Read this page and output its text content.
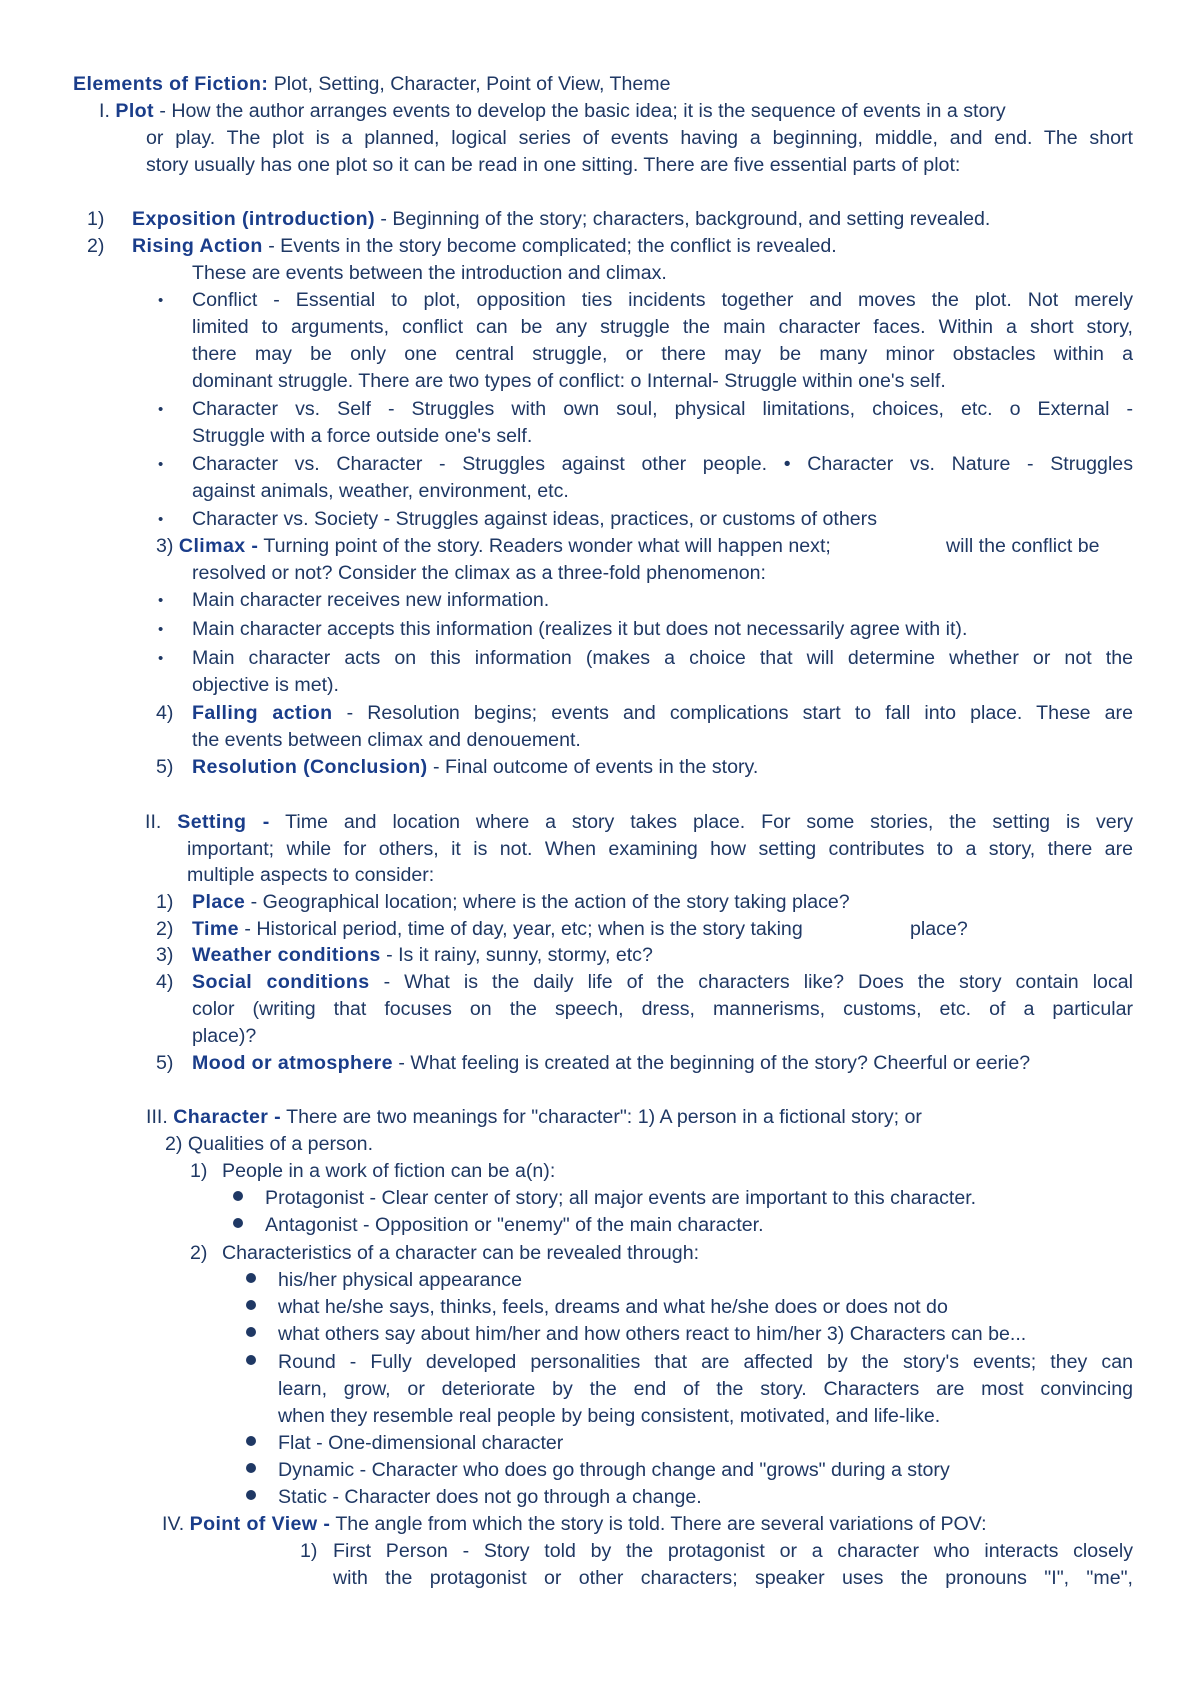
Elements of Fiction: Plot, Setting, Character, Point of View, Theme
I. Plot - How the author arranges events to develop the basic idea; it is the sequence of events in a story
or play. The plot is a planned, logical series of events having a beginning, middle, and end. The short
story usually has one plot so it can be read in one sitting. There are five essential parts of plot:
1) Exposition (introduction) - Beginning of the story; characters, background, and setting revealed.
2) Rising Action - Events in the story become complicated; the conflict is revealed.
These are events between the introduction and climax.
• Conflict - Essential to plot, opposition ties incidents together and moves the plot. Not merely
limited to arguments, conflict can be any struggle the main character faces. Within a short story,
there may be only one central struggle, or there may be many minor obstacles within a
dominant struggle. There are two types of conflict: o Internal- Struggle within one's self.
• Character vs. Self - Struggles with own soul, physical limitations, choices, etc. o External -
Struggle with a force outside one's self.
• Character vs. Character - Struggles against other people. • Character vs. Nature - Struggles
against animals, weather, environment, etc.
• Character vs. Society - Struggles against ideas, practices, or customs of others
3) Climax - Turning point of the story. Readers wonder what will happen next;	will the conflict be
resolved or not? Consider the climax as a three-fold phenomenon:
• Main character receives new information.
• Main character accepts this information (realizes it but does not necessarily agree with it).
• Main character acts on this information (makes a choice that will determine whether or not the
objective is met).
4) Falling action - Resolution begins; events and complications start to fall into place. These are
the events between climax and denouement.
5) Resolution (Conclusion) - Final outcome of events in the story.
II. Setting - Time and location where a story takes place. For some stories, the setting is very
important; while for others, it is not. When examining how setting contributes to a story, there are
multiple aspects to consider:
1) Place - Geographical location; where is the action of the story taking place?
2) Time - Historical period, time of day, year, etc; when is the story taking	place?
3) Weather conditions - Is it rainy, sunny, stormy, etc?
4) Social conditions - What is the daily life of the characters like? Does the story contain local
color (writing that focuses on the speech, dress, mannerisms, customs, etc. of a particular
place)?
5) Mood or atmosphere - What feeling is created at the beginning of the story? Cheerful or eerie?
III. Character - There are two meanings for "character": 1) A person in a fictional story; or
2) Qualities of a person.
1) People in a work of fiction can be a(n):
Protagonist - Clear center of story; all major events are important to this character.
Antagonist - Opposition or "enemy" of the main character.
2) Characteristics of a character can be revealed through:
his/her physical appearance
what he/she says, thinks, feels, dreams and what he/she does or does not do
what others say about him/her and how others react to him/her 3) Characters can be...
Round - Fully developed personalities that are affected by the story's events; they can
learn, grow, or deteriorate by the end of the story. Characters are most convincing
when they resemble real people by being consistent, motivated, and life-like.
Flat - One-dimensional character
Dynamic - Character who does go through change and "grows" during a story
Static - Character does not go through a change.
IV. Point of View - The angle from which the story is told. There are several variations of POV:
1) First Person - Story told by the protagonist or a character who interacts closely
with the protagonist or other characters; speaker uses the pronouns "I", "me",
